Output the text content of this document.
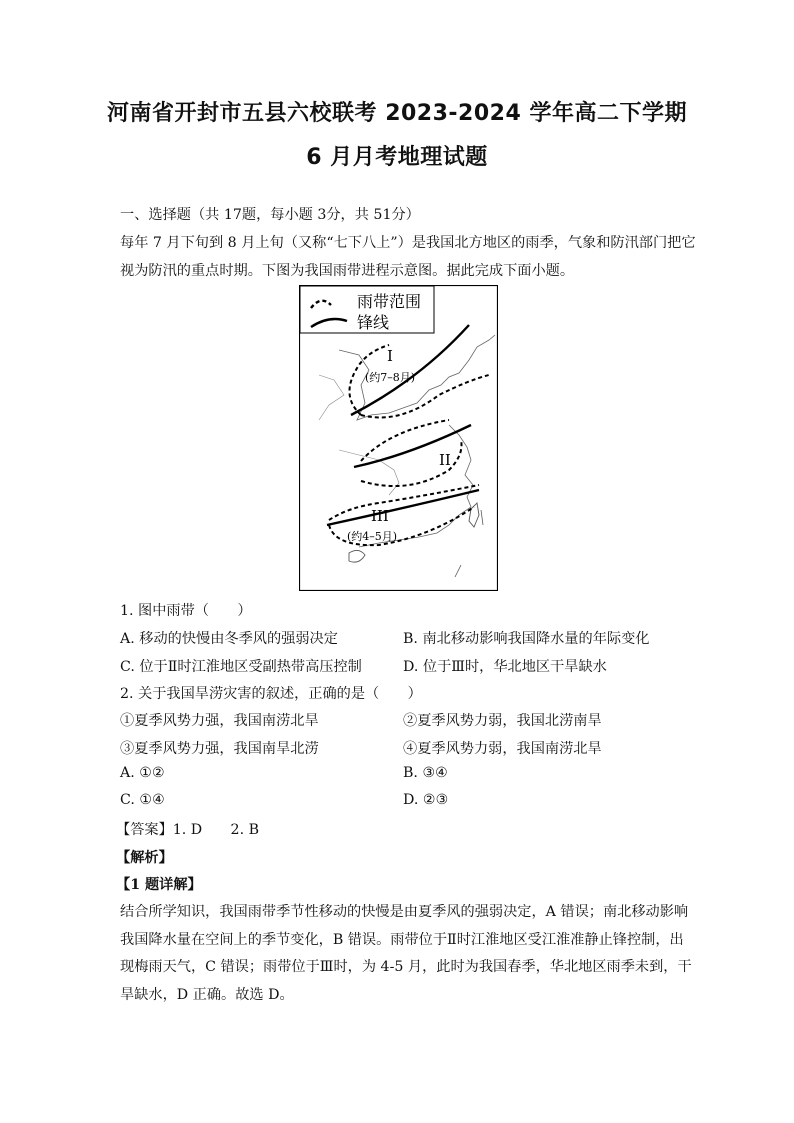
河南省开封市五县六校联考 2023-2024 学年高二下学期
6 月月考地理试题
一、选择题（共 17题，每小题 3分，共 51分）
每年 7 月下旬到 8 月上旬（又称“七下八上”）是我国北方地区的雨季，气象和防汛部门把它
视为防汛的重点时期。下图为我国雨带进程示意图。据此完成下面小题。
雨带范围
锋线
I
(约7–8月)
II
III
(约4–5月)
1. 图中雨带（　　）
A. 移动的快慢由冬季风的强弱决定	B. 南北移动影响我国降水量的年际变化
C. 位于Ⅱ时江淮地区受副热带高压控制	D. 位于Ⅲ时，华北地区干旱缺水
2. 关于我国旱涝灾害的叙述，正确的是（　　）
①夏季风势力强，我国南涝北旱	②夏季风势力弱，我国北涝南旱
③夏季风势力强，我国南旱北涝	④夏季风势力弱，我国南涝北旱
A. ①②	B. ③④
C. ①④	D. ②③
【答案】1. D　　2. B
【解析】
【1 题详解】
结合所学知识，我国雨带季节性移动的快慢是由夏季风的强弱决定，A 错误；南北移动影响
我国降水量在空间上的季节变化，B 错误。雨带位于Ⅱ时江淮地区受江淮准静止锋控制，出
现梅雨天气，C 错误；雨带位于Ⅲ时，为 4-5 月，此时为我国春季，华北地区雨季未到，干
旱缺水，D 正确。故选 D。
